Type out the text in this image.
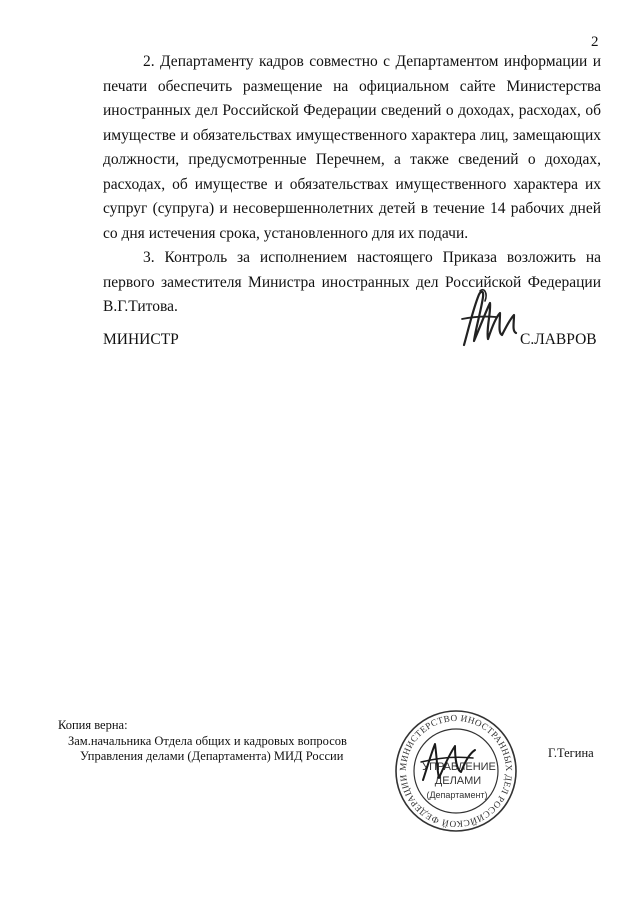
2

2. Департаменту кадров совместно с Департаментом информации и печати обеспечить размещение на официальном сайте Министерства иностранных дел Российской Федерации сведений о доходах, расходах, об имуществе и обязательствах имущественного характера лиц, замещающих должности, предусмотренные Перечнем, а также сведений о доходах, расходах, об имуществе и обязательствах имущественного характера их супруг (супруга) и несовершеннолетних детей в течение 14 рабочих дней со дня истечения срока, установленного для их подачи.

3. Контроль за исполнением настоящего Приказа возложить на первого заместителя Министра иностранных дел Российской Федерации В.Г.Титова.

МИНИСТР	С.ЛАВРОВ
Копия верна:
Зам.начальника Отдела общих и кадровых вопросов
Управления делами (Департамента) МИД России
МИНИСТЕРСТВО ИНОСТРАННЫХ ДЕЛ РОССИЙСКОЙ ФЕДЕРАЦИИ
УПРАВЛЕНИЕ
ДЕЛАМИ
(Департамент)
Г.Тегина
